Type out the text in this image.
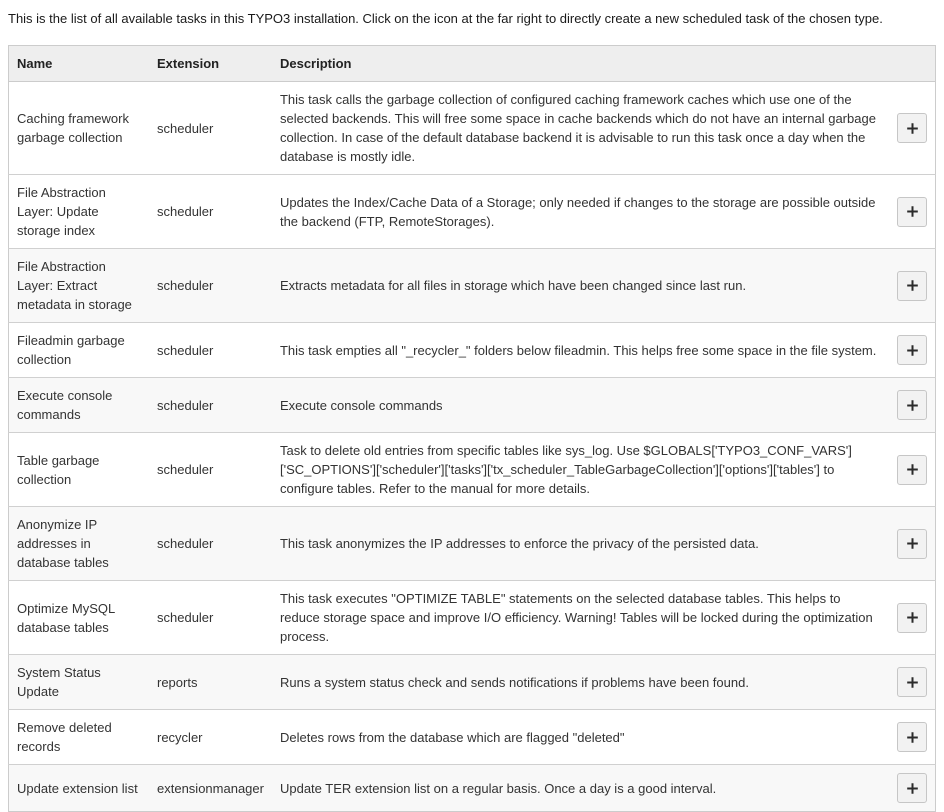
This is the list of all available tasks in this TYPO3 installation. Click on the icon at the far right to directly create a new scheduled task of the chosen type.

Name	Extension	Description	
Caching framework garbage collection	scheduler	This task calls the garbage collection of configured caching framework caches which use one of the selected backends. This will free some space in cache backends which do not have an internal garbage collection. In case of the default database backend it is advisable to run this task once a day when the database is mostly idle.	

File Abstraction Layer: Update storage index	scheduler	Updates the Index/Cache Data of a Storage; only needed if changes to the storage are possible outside the backend (FTP, RemoteStorages).	

File Abstraction Layer: Extract metadata in storage	scheduler	Extracts metadata for all files in storage which have been changed since last run.	

Fileadmin garbage collection	scheduler	This task empties all "_recycler_" folders below fileadmin. This helps free some space in the file system.	

Execute console commands	scheduler	Execute console commands	

Table garbage collection	scheduler	Task to delete old entries from specific tables like sys_log. Use $GLOBALS['TYPO3_CONF_VARS']['SC_OPTIONS']['scheduler']['tasks']['tx_scheduler_TableGarbageCollection']['options']['tables'] to configure tables. Refer to the manual for more details.	

Anonymize IP addresses in database tables	scheduler	This task anonymizes the IP addresses to enforce the privacy of the persisted data.	

Optimize MySQL database tables	scheduler	This task executes "OPTIMIZE TABLE" statements on the selected database tables. This helps to reduce storage space and improve I/O efficiency. Warning! Tables will be locked during the optimization process.	

System Status Update	reports	Runs a system status check and sends notifications if problems have been found.	

Remove deleted records	recycler	Deletes rows from the database which are flagged "deleted"	

Update extension list	extensionmanager	Update TER extension list on a regular basis. Once a day is a good interval.	
